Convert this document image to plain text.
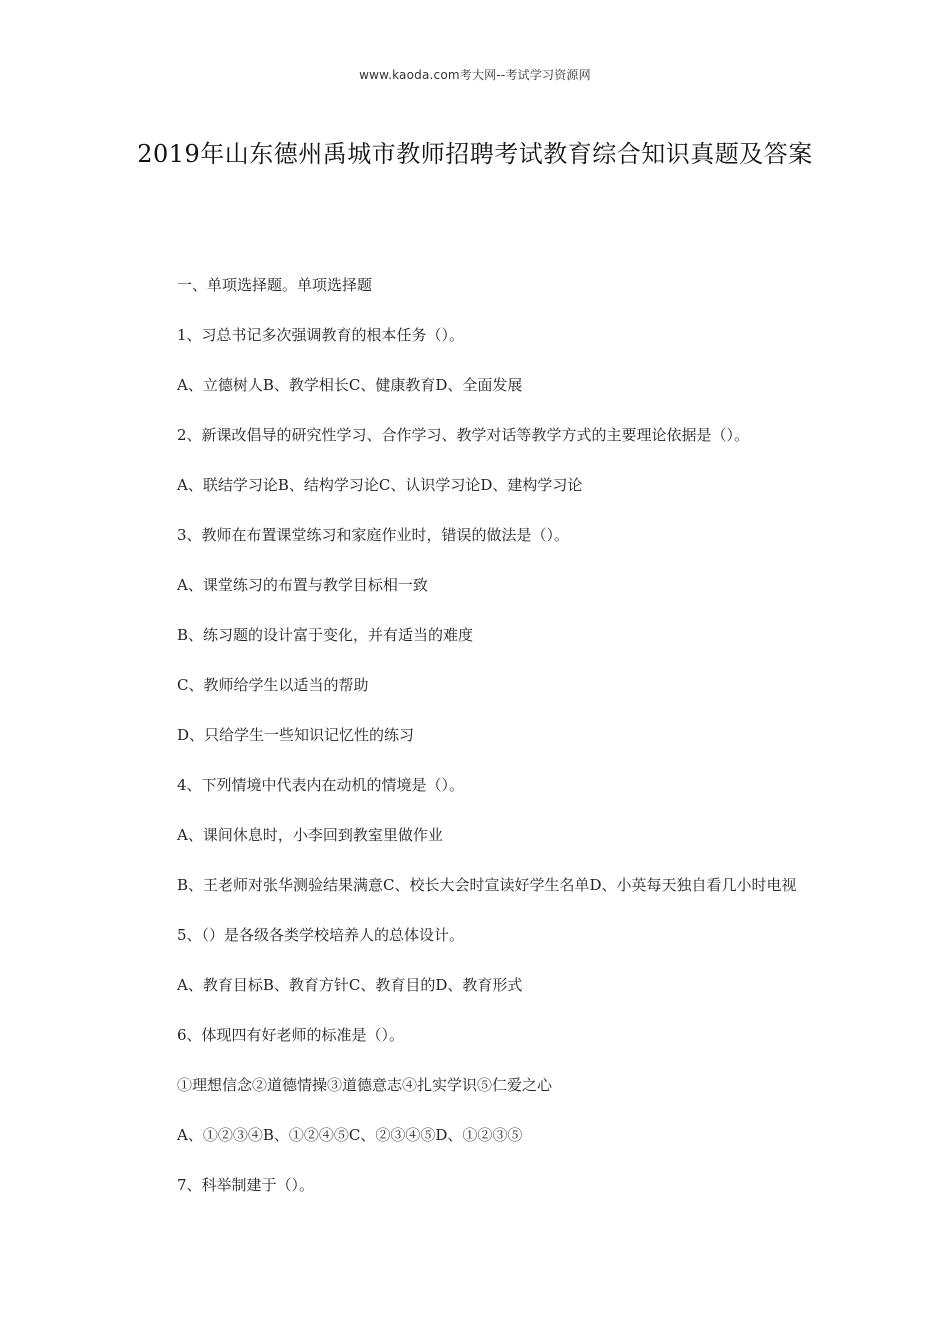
www.kaoda.com考大网--考试学习资源网
2019年山东德州禹城市教师招聘考试教育综合知识真题及答案

一、单项选择题。单项选择题

1、习总书记多次强调教育的根本任务（）。

A、立德树人B、教学相长C、健康教育D、全面发展

2、新课改倡导的研究性学习、合作学习、教学对话等教学方式的主要理论依据是（）。

A、联结学习论B、结构学习论C、认识学习论D、建构学习论

3、教师在布置课堂练习和家庭作业时，错误的做法是（）。

A、课堂练习的布置与教学目标相一致

B、练习题的设计富于变化，并有适当的难度

C、教师给学生以适当的帮助

D、只给学生一些知识记忆性的练习

4、下列情境中代表内在动机的情境是（）。

A、课间休息时，小李回到教室里做作业

B、王老师对张华测验结果满意C、校长大会时宣读好学生名单D、小英每天独自看几小时电视

5、（）是各级各类学校培养人的总体设计。

A、教育目标B、教育方针C、教育目的D、教育形式

6、体现四有好老师的标准是（）。

①理想信念②道德情操③道德意志④扎实学识⑤仁爱之心

A、①②③④B、①②④⑤C、②③④⑤D、①②③⑤

7、科举制建于（）。
